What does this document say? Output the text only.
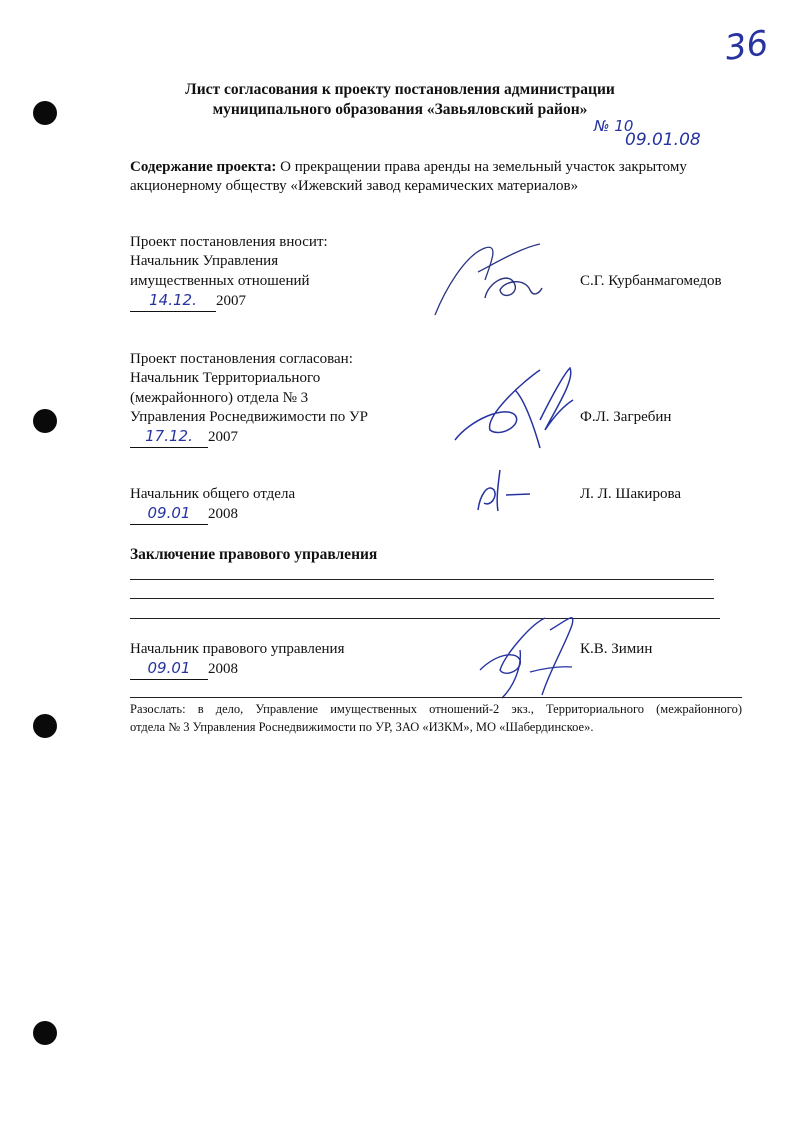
36
№ 10
09.01.08
Лист согласования к проекту постановления администрации
муниципального образования «Завьяловский район»
Содержание проекта: О прекращении права аренды на земельный участок закрытому
акционерному обществу «Ижевский завод керамических материалов»
Проект постановления вносит:
Начальник Управления
имущественных отношений
14.12. 2007
С.Г. Курбанмагомедов
Проект постановления согласован:
Начальник Территориального
(межрайонного) отдела № 3
Управления Роснедвижимости по УР
17.12. 2007
Ф.Л. Загребин
Начальник общего отдела
09.01 2008
Л. Л. Шакирова
Заключение правового управления
Начальник правового управления
09.01 2008
К.В. Зимин
Разослать: в дело, Управление имущественных отношений-2 экз., Территориального (межрайонного)
отдела № 3 Управления Роснедвижимости по УР, ЗАО «ИЗКМ», МО «Шабердинское».
